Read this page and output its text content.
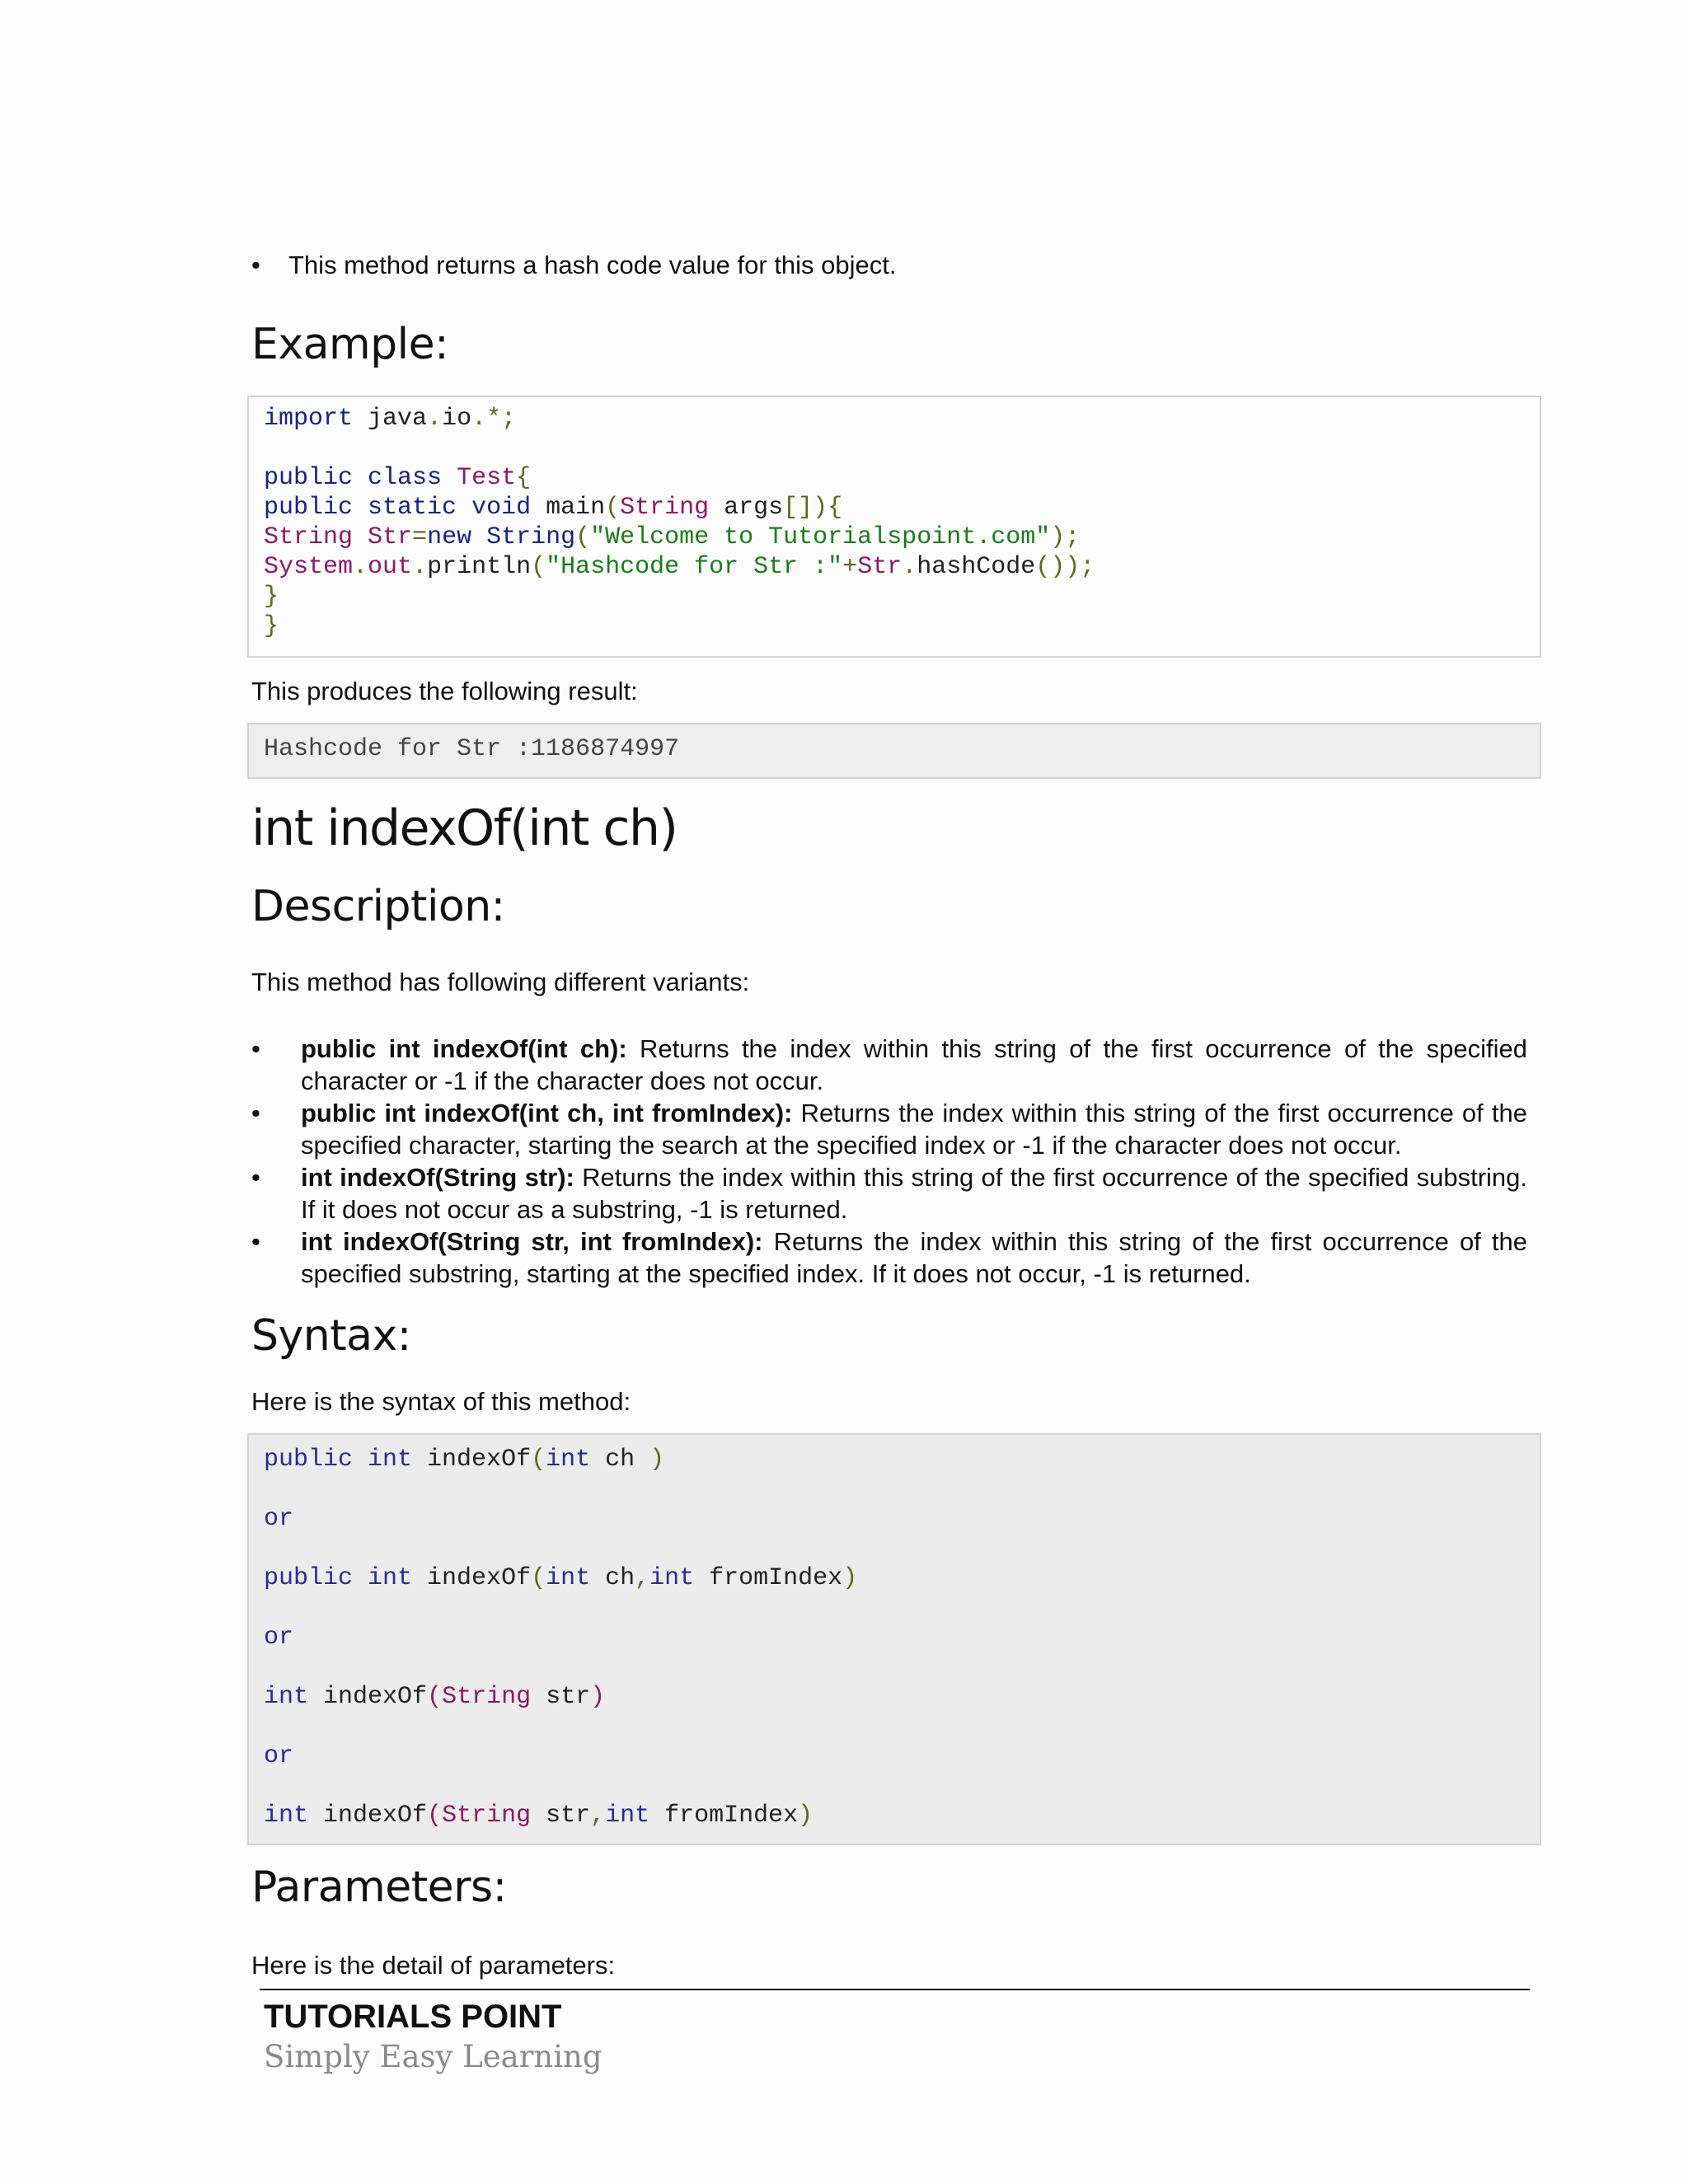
• This method returns a hash code value for this object.
Example:
import java.io.*;
public class Test{
public static void main(String args[]){
String Str=new String("Welcome to Tutorialspoint.com");
System.out.println("Hashcode for Str :"+Str.hashCode());
}
}
This produces the following result:
Hashcode for Str :1186874997
int indexOf(int ch)
Description:
This method has following different variants:
• public int indexOf(int ch): Returns the index within this string of the first occurrence of the specified character or -1 if the character does not occur.
• public int indexOf(int ch, int fromIndex): Returns the index within this string of the first occurrence of the specified character, starting the search at the specified index or -1 if the character does not occur.
• int indexOf(String str): Returns the index within this string of the first occurrence of the specified substring. If it does not occur as a substring, -1 is returned.
• int indexOf(String str, int fromIndex): Returns the index within this string of the first occurrence of the specified substring, starting at the specified index. If it does not occur, -1 is returned.
Syntax:
Here is the syntax of this method:
public int indexOf(int ch )
or
public int indexOf(int ch,int fromIndex)
or
int indexOf(String str)
or
int indexOf(String str,int fromIndex)
Parameters:
Here is the detail of parameters:
TUTORIALS POINT
Simply Easy Learning
